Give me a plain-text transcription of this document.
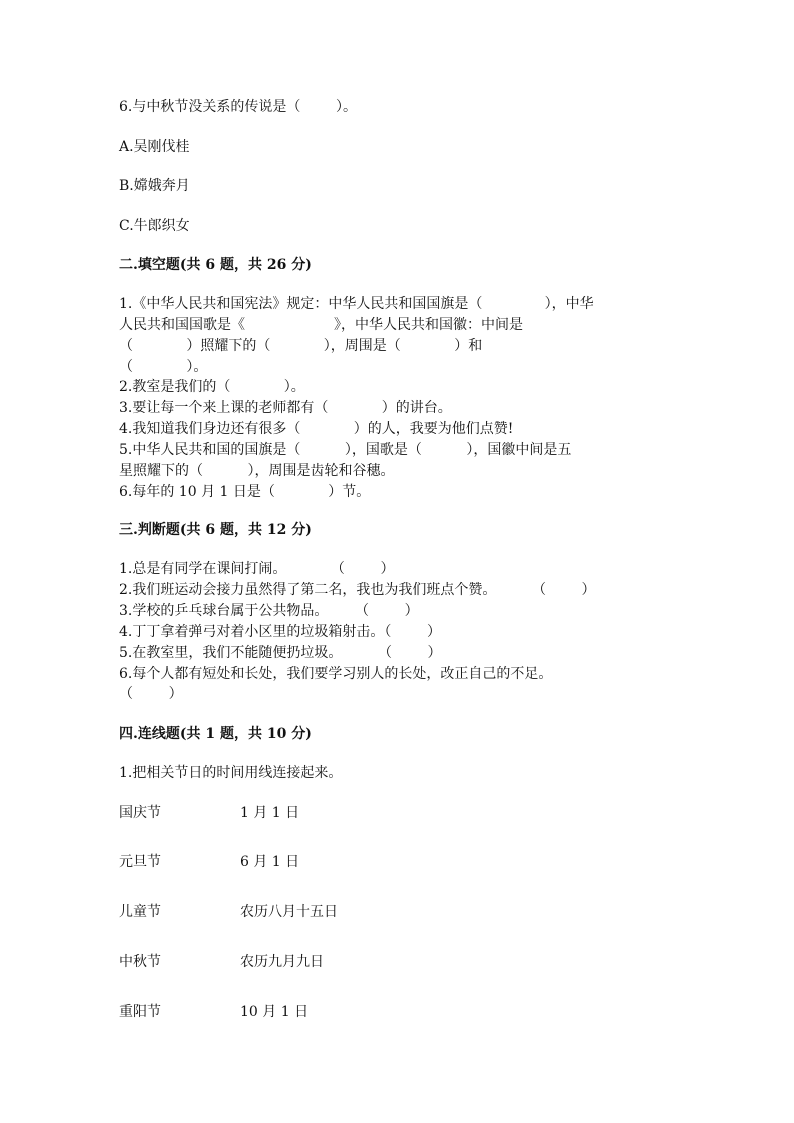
6.与中秋节没关系的传说是（        ）。
A.吴刚伐桂
B.嫦娥奔月
C.牛郎织女
二.填空题(共 6 题，共 26 分)
1.《中华人民共和国宪法》规定：中华人民共和国国旗是（              ），中华
人民共和国国歌是《                    》，中华人民共和国徽：中间是
（            ）照耀下的（            ），周围是（            ）和
（            ）。
2.教室是我们的（            ）。
3.要让每一个来上课的老师都有（            ）的讲台。
4.我知道我们身边还有很多（            ）的人，我要为他们点赞!
5.中华人民共和国的国旗是（          ），国歌是（          ），国徽中间是五
星照耀下的（          ），周围是齿轮和谷穗。
6.每年的 10 月 1 日是（            ）节。
三.判断题(共 6 题，共 12 分)
1.总是有同学在课间打闹。          （        ）
2.我们班运动会接力虽然得了第二名，我也为我们班点个赞。        （        ）
3.学校的乒乓球台属于公共物品。      （        ）
4.丁丁拿着弹弓对着小区里的垃圾箱射击。（        ）
5.在教室里，我们不能随便扔垃圾。        （        ）
6.每个人都有短处和长处，我们要学习别人的长处，改正自己的不足。
（        ）
四.连线题(共 1 题，共 10 分)
1.把相关节日的时间用线连接起来。
国庆节	1 月 1 日
元旦节	6 月 1 日
儿童节	农历八月十五日
中秋节	农历九月九日
重阳节	10 月 1 日
